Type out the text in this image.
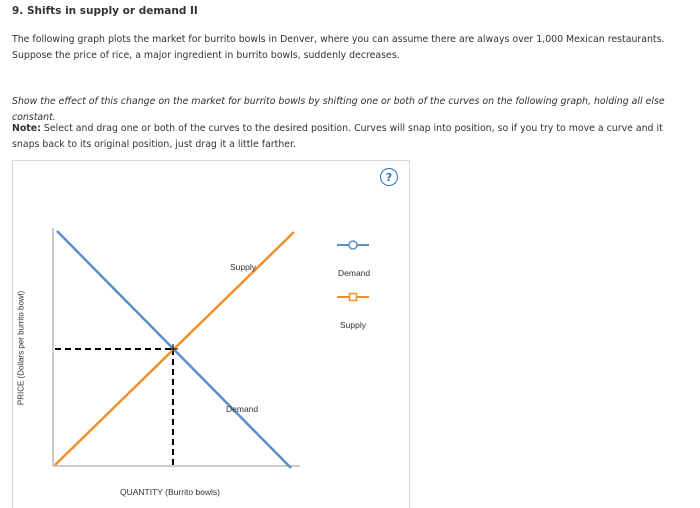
9. Shifts in supply or demand II
The following graph plots the market for burrito bowls in Denver, where you can assume there are always over 1,000 Mexican restaurants. Suppose the price of rice, a major ingredient in burrito bowls, suddenly decreases.
Show the effect of this change on the market for burrito bowls by shifting one or both of the curves on the following graph, holding all else constant.
Note: Select and drag one or both of the curves to the desired position. Curves will snap into position, so if you try to move a curve and it snaps back to its original position, just drag it a little farther.
?
PRICE (Dollars per burrito bowl)
QUANTITY (Burrito bowls)
Supply
Demand
Demand
Supply
